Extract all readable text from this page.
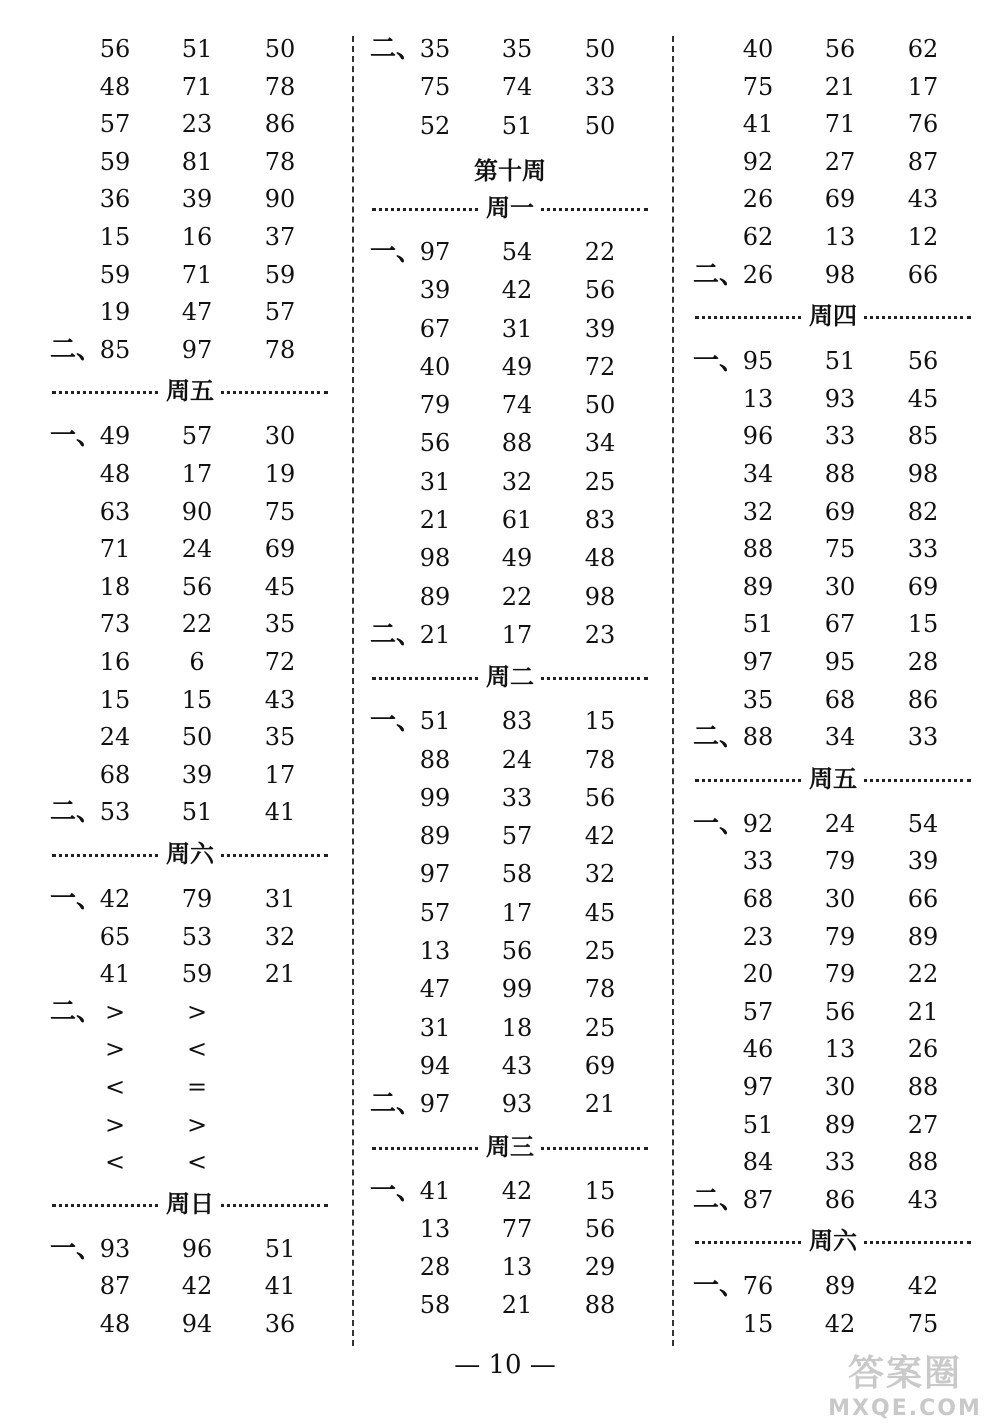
56	51	50
48	71	78
57	23	86
59	81	78
36	39	90
15	16	37
59	71	59
19	47	57
二、
85	97	78
周五
一、
49	57	30
48	17	19
63	90	75
71	24	69
18	56	45
73	22	35
16	6	72
15	15	43
24	50	35
68	39	17
二、
53	51	41
周六
一、
42	79	31
65	53	32
41	59	21
二、 >	>
>	<
<	=
>	>
<	<
周日
一、
93	96	51
87	42	41
48	94	36
二、
35	35	50
75	74	33
52	51	50
第十周
周一
一、
97	54	22
39	42	56
67	31	39
40	49	72
79	74	50
56	88	34
31	32	25
21	61	83
98	49	48
89	22	98
二、
21	17	23
周二
一、
51	83	15
88	24	78
99	33	56
89	57	42
97	58	32
57	17	45
13	56	25
47	99	78
31	18	25
94	43	69
二、
97	93	21
周三
一、
41	42	15
13	77	56
28	13	29
58	21	88
40	56	62
75	21	17
41	71	76
92	27	87
26	69	43
62	13	12
二、
26	98	66
周四
一、
95	51	56
13	93	45
96	33	85
34	88	98
32	69	82
88	75	33
89	30	69
51	67	15
97	95	28
35	68	86
二、
88	34	33
周五
一、
92	24	54
33	79	39
68	30	66
23	79	89
20	79	22
57	56	21
46	13	26
97	30	88
51	89	27
84	33	88
二、
87	86	43
周六
一、
76	89	42
15	42	75
— 10 —	答案圈
MXQE.COM
